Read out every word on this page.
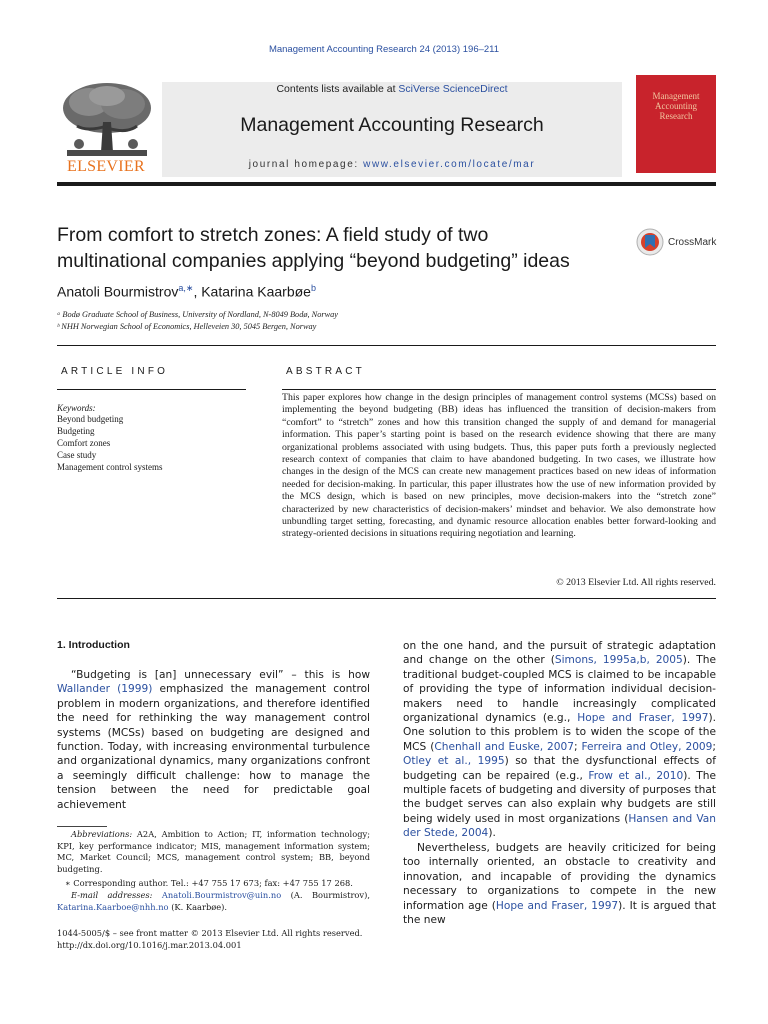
Management Accounting Research 24 (2013) 196–211
ELSEVIER
Contents lists available at SciVerse ScienceDirect
Management Accounting Research
journal homepage: www.elsevier.com/locate/mar
Management
Accounting
Research
From comfort to stretch zones: A field study of two
multinational companies applying “beyond budgeting” ideas
CrossMark
Anatoli Bourmistrov$^{a,∗}$, Katarina Kaarbøe$^b$
ᵃ Bodø Graduate School of Business, University of Nordland, N-8049 Bodø, Norway
ᵇ NHH Norwegian School of Economics, Helleveien 30, 5045 Bergen, Norway
ARTICLE INFO
Keywords:
Beyond budgeting
Budgeting
Comfort zones
Case study
Management control systems
ABSTRACT
This paper explores how change in the design principles of management control systems (MCSs) based on implementing the beyond budgeting (BB) ideas has influenced the transition of decision-makers from “comfort” to “stretch” zones and how this transition changed the supply of and demand for managerial information. This paper’s starting point is based on the research evidence showing that there are many organizational problems associated with using budgets. Thus, this paper puts forth a previously neglected research context of companies that claim to have abandoned budgeting. In two cases, we illustrate how changes in the design of the MCS can create new management practices based on new ideas of information needed for decision-making. In particular, this paper illustrates how the use of new information provided by the MCS design, which is based on new principles, move decision-makers into the “stretch zone” characterized by new characteristics of decision-makers’ mindset and behavior. We also demonstrate how unbundling target setting, forecasting, and dynamic resource allocation enables better forward-looking and strategy-oriented decisions in situations requiring negotiation and learning.
© 2013 Elsevier Ltd. All rights reserved.
1. Introduction
“Budgeting is [an] unnecessary evil” – this is how Wallander (1999) emphasized the management control problem in modern organizations, and therefore identified the need for rethinking the way management control systems (MCSs) based on budgeting are designed and function. Today, with increasing environmental turbulence and organizational dynamics, many organizations confront a seemingly difficult challenge: how to manage the tension between the need for predictable goal achievement
on the one hand, and the pursuit of strategic adaptation and change on the other (Simons, 1995a,b, 2005). The traditional budget-coupled MCS is claimed to be incapable of providing the type of information individual decision-makers need to handle increasingly complicated organizational dynamics (e.g., Hope and Fraser, 1997). One solution to this problem is to widen the scope of the MCS (Chenhall and Euske, 2007; Ferreira and Otley, 2009; Otley et al., 1995) so that the dysfunctional effects of budgeting can be repaired (e.g., Frow et al., 2010). The multiple facets of budgeting and diversity of purposes that the budget serves can also explain why budgets are still being widely used in most organizations (Hansen and Van der Stede, 2004).
Nevertheless, budgets are heavily criticized for being too internally oriented, an obstacle to creativity and innovation, and incapable of providing the dynamics necessary to organizations to compete in the new information age (Hope and Fraser, 1997). It is argued that the new
Abbreviations: A2A, Ambition to Action; IT, information technology; KPI, key performance indicator; MIS, management information system; MC, Market Council; MCS, management control system; BB, beyond budgeting.
∗ Corresponding author. Tel.: +47 755 17 673; fax: +47 755 17 268.
E-mail addresses: Anatoli.Bourmistrov@uin.no (A. Bourmistrov), Katarina.Kaarboe@nhh.no (K. Kaarbøe).
1044-5005/$ – see front matter © 2013 Elsevier Ltd. All rights reserved.
http://dx.doi.org/10.1016/j.mar.2013.04.001
